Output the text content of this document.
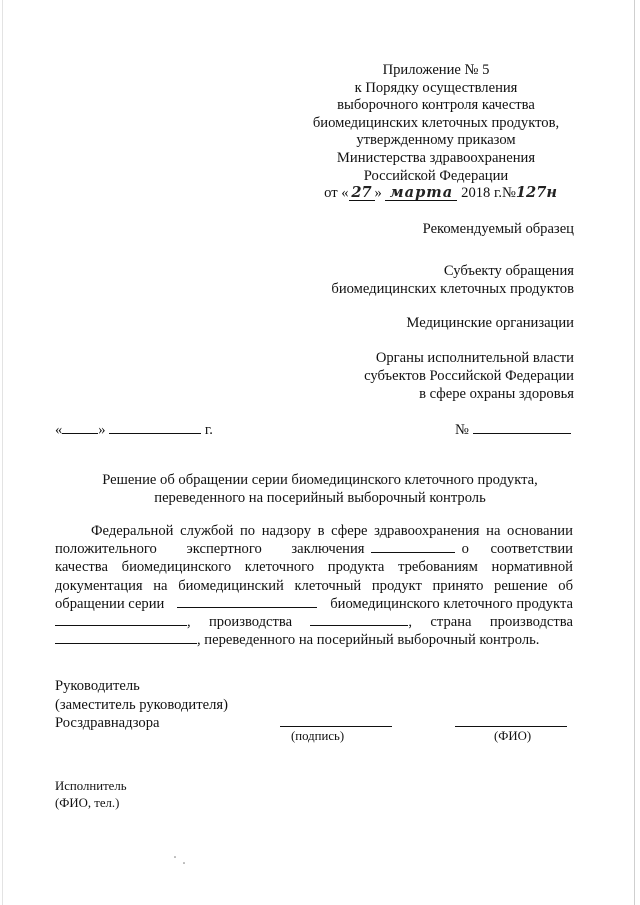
Приложение № 5
к Порядку осуществления
выборочного контроля качества
биомедицинских клеточных продуктов,
утвержденному приказом
Министерства здравоохранения
Российской Федерации
от « 27 » марта 2018 г.№127н
Рекомендуемый образец
Субъекту обращения
биомедицинских клеточных продуктов
Медицинские организации
Органы исполнительной власти
субъектов Российской Федерации
в сфере охраны здоровья
« »	г.	№
Решение об обращении серии биомедицинского клеточного продукта,
переведенного на посерийный выборочный контроль
Федеральной службой по надзору в сфере здравоохранения на основании
положительного экспертного заключения	о соответствии
качества биомедицинского клеточного продукта требованиям нормативной
документация на биомедицинский клеточный продукт принято решение об
обращении серии	биомедицинского клеточного продукта
, производства	, страна производства
, переведенного на посерийный выборочный контроль.
Руководитель
(заместитель руководителя)
Росздравнадзора
(подпись)	(ФИО)
Исполнитель
(ФИО, тел.)
